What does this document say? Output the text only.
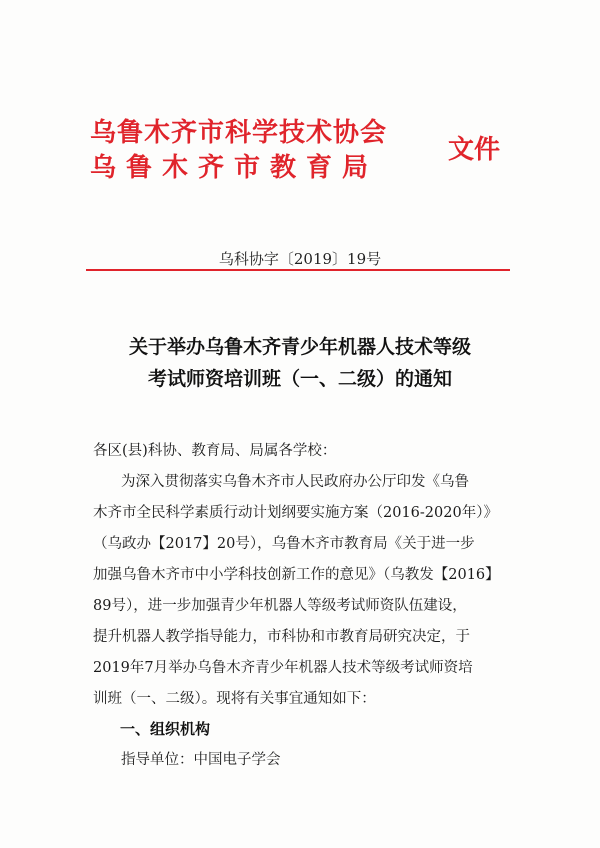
乌鲁木齐市科学技术协会
乌鲁木齐市教育局
文件
乌科协字〔2019〕19号
关于举办乌鲁木齐青少年机器人技术等级
考试师资培训班（一、二级）的通知
各区(县)科协、教育局、局属各学校：
为深入贯彻落实乌鲁木齐市人民政府办公厅印发《乌鲁
木齐市全民科学素质行动计划纲要实施方案（2016-2020年）》
（乌政办【2017】20号），乌鲁木齐市教育局《关于进一步
加强乌鲁木齐市中小学科技创新工作的意见》（乌教发【2016】
89号），进一步加强青少年机器人等级考试师资队伍建设，
提升机器人教学指导能力，市科协和市教育局研究决定，于
2019年7月举办乌鲁木齐青少年机器人技术等级考试师资培
训班（一、二级）。现将有关事宜通知如下：
一、组织机构
指导单位：中国电子学会
